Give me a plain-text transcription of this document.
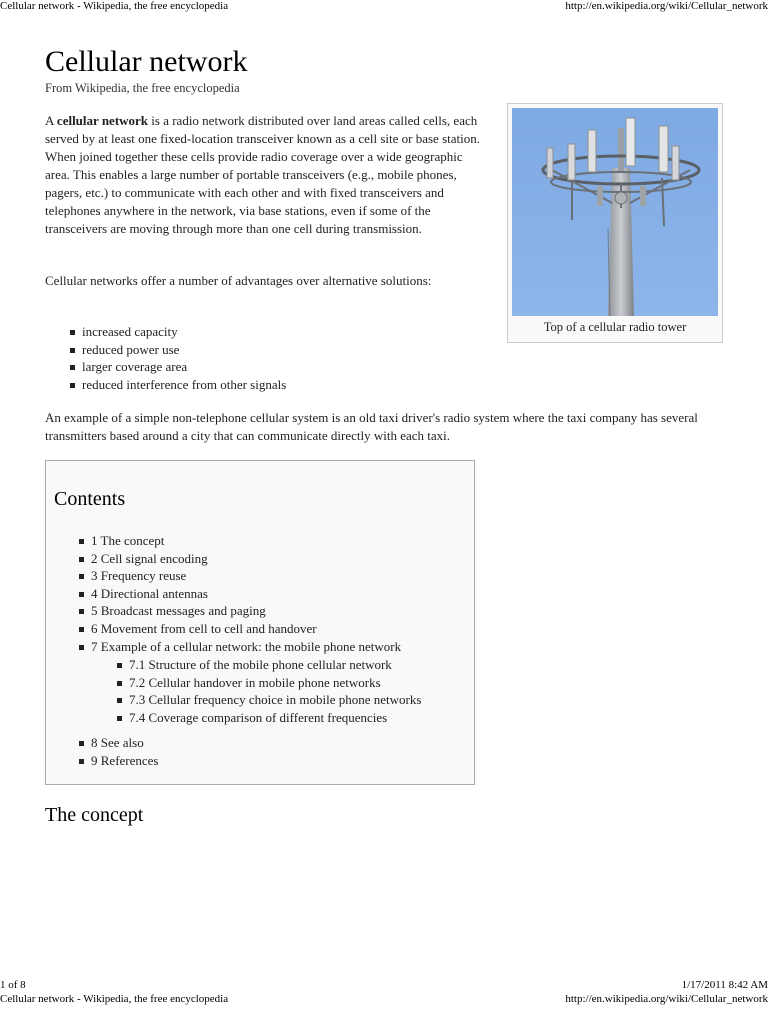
Cellular network - Wikipedia, the free encyclopedia	http://en.wikipedia.org/wiki/Cellular_network
Cellular network
From Wikipedia, the free encyclopedia

A cellular network is a radio network distributed over land areas called cells, each served by at least one fixed-location transceiver known as a cell site or base station. When joined together these cells provide radio coverage over a wide geographic area. This enables a large number of portable transceivers (e.g., mobile phones, pagers, etc.) to communicate with each other and with fixed transceivers and telephones anywhere in the network, via base stations, even if some of the transceivers are moving through more than one cell during transmission.

Top of a cellular radio tower

Cellular networks offer a number of advantages over alternative solutions:

increased capacity
reduced power use
larger coverage area
reduced interference from other signals

An example of a simple non-telephone cellular system is an old taxi driver's radio system where the taxi company has several transmitters based around a city that can communicate directly with each taxi.

Contents
1 The concept
2 Cell signal encoding
3 Frequency reuse
4 Directional antennas
5 Broadcast messages and paging
6 Movement from cell to cell and handover
7 Example of a cellular network: the mobile phone network
7.1 Structure of the mobile phone cellular network
7.2 Cellular handover in mobile phone networks
7.3 Cellular frequency choice in mobile phone networks
7.4 Coverage comparison of different frequencies
8 See also
9 References
The concept
1 of 8	1/17/2011 8:42 AM
Cellular network - Wikipedia, the free encyclopedia	http://en.wikipedia.org/wiki/Cellular_network
